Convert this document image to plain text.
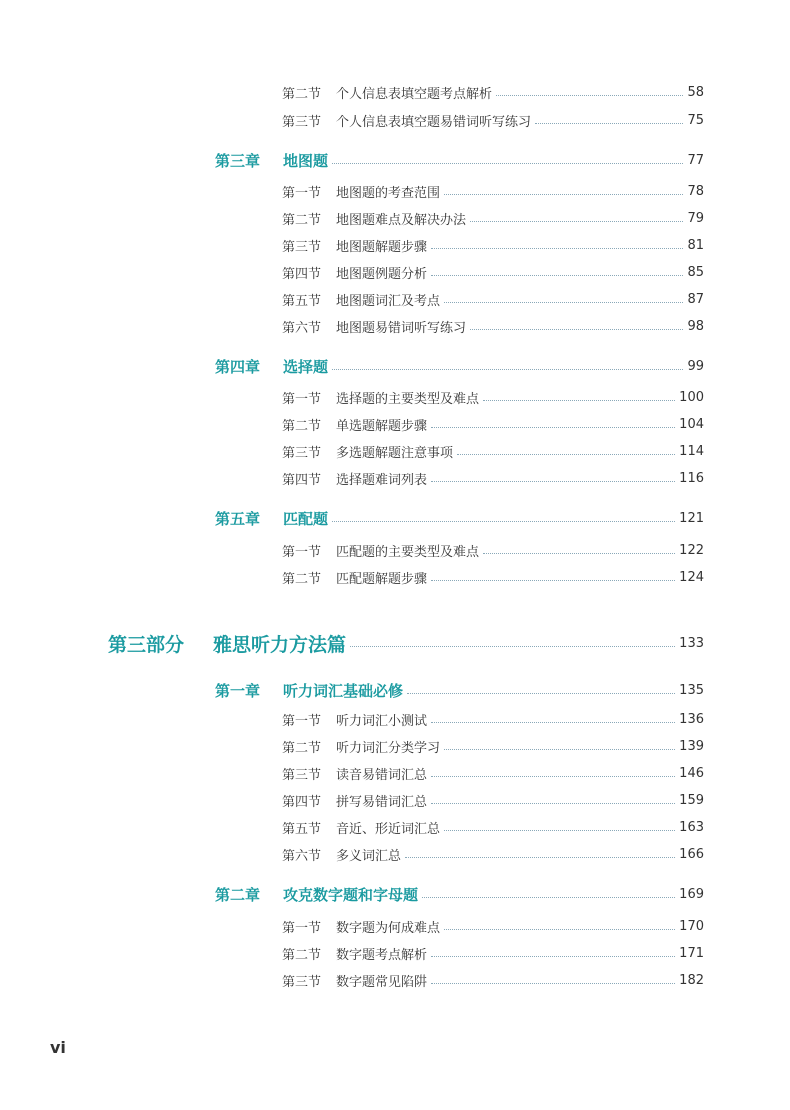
第二节 个人信息表填空题考点解析	58
第三节 个人信息表填空题易错词听写练习	75
第三章 地图题	77
第一节 地图题的考查范围	78
第二节 地图题难点及解决办法	79
第三节 地图题解题步骤	81
第四节 地图题例题分析	85
第五节 地图题词汇及考点	87
第六节 地图题易错词听写练习	98
第四章 选择题	99
第一节 选择题的主要类型及难点	100
第二节 单选题解题步骤	104
第三节 多选题解题注意事项	114
第四节 选择题难词列表	116
第五章 匹配题	121
第一节 匹配题的主要类型及难点	122
第二节 匹配题解题步骤	124
第三部分 雅思听力方法篇	133
第一章 听力词汇基础必修	135
第一节 听力词汇小测试	136
第二节 听力词汇分类学习	139
第三节 读音易错词汇总	146
第四节 拼写易错词汇总	159
第五节 音近、形近词汇总	163
第六节 多义词汇总	166
第二章 攻克数字题和字母题	169
第一节 数字题为何成难点	170
第二节 数字题考点解析	171
第三节 数字题常见陷阱	182
vi
